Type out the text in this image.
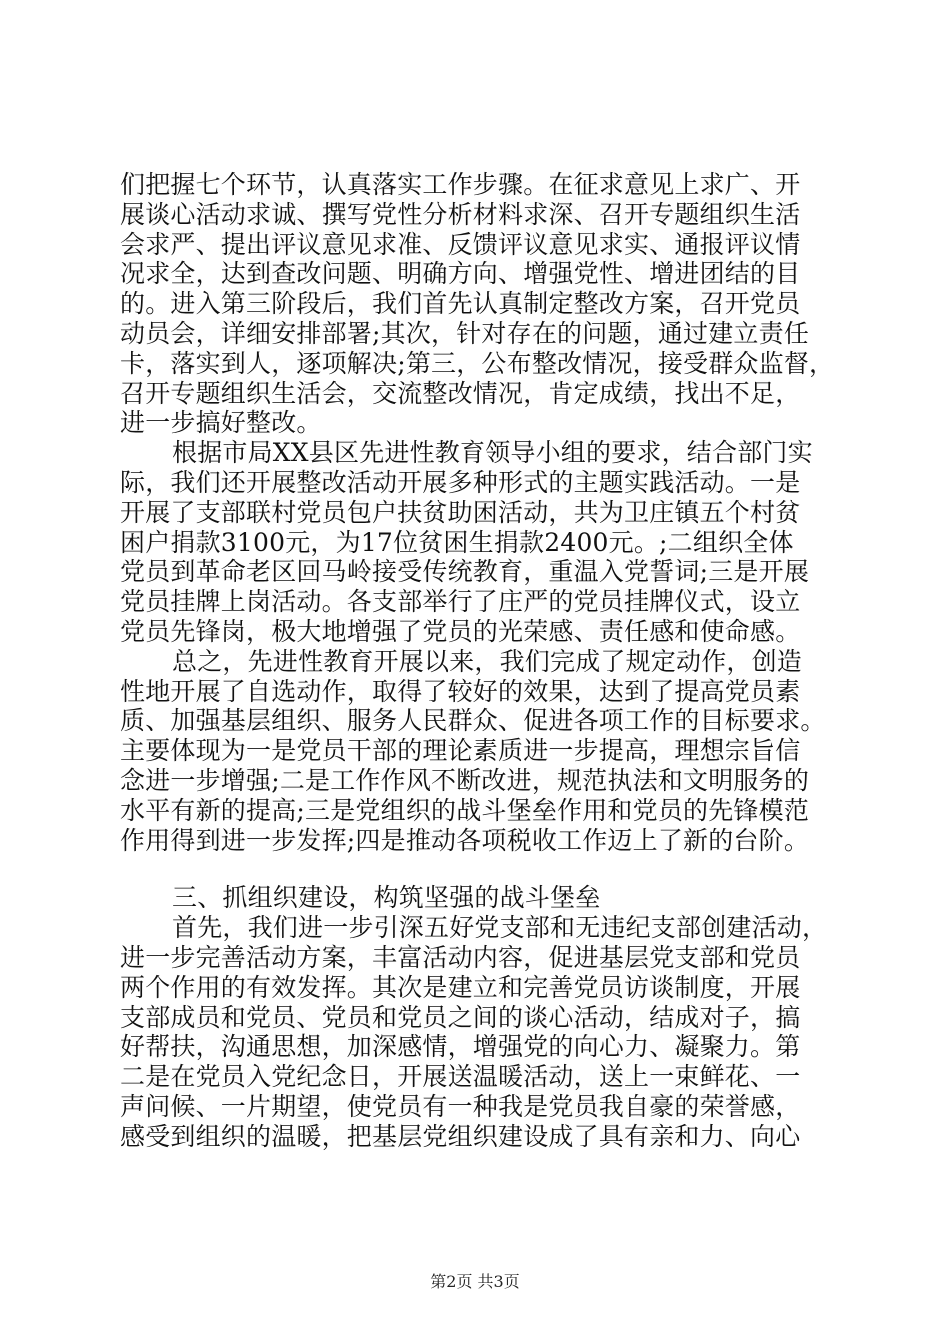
们把握七个环节，认真落实工作步骤。在征求意见上求广、开
展谈心活动求诚、撰写党性分析材料求深、召开专题组织生活
会求严、提出评议意见求准、反馈评议意见求实、通报评议情
况求全，达到查改问题、明确方向、增强党性、增进团结的目
的。进入第三阶段后，我们首先认真制定整改方案，召开党员
动员会，详细安排部署;其次，针对存在的问题，通过建立责任
卡，落实到人，逐项解决;第三，公布整改情况，接受群众监督，
召开专题组织生活会，交流整改情况，肯定成绩，找出不足，
进一步搞好整改。
根据市局XX县区先进性教育领导小组的要求，结合部门实
际，我们还开展整改活动开展多种形式的主题实践活动。一是
开展了支部联村党员包户扶贫助困活动，共为卫庄镇五个村贫
困户捐款3100元，为17位贫困生捐款2400元。;二组织全体
党员到革命老区回马岭接受传统教育，重温入党誓词;三是开展
党员挂牌上岗活动。各支部举行了庄严的党员挂牌仪式，设立
党员先锋岗，极大地增强了党员的光荣感、责任感和使命感。
总之，先进性教育开展以来，我们完成了规定动作，创造
性地开展了自选动作，取得了较好的效果，达到了提高党员素
质、加强基层组织、服务人民群众、促进各项工作的目标要求。
主要体现为一是党员干部的理论素质进一步提高，理想宗旨信
念进一步增强;二是工作作风不断改进，规范执法和文明服务的
水平有新的提高;三是党组织的战斗堡垒作用和党员的先锋模范
作用得到进一步发挥;四是推动各项税收工作迈上了新的台阶。
三、抓组织建设，构筑坚强的战斗堡垒
首先，我们进一步引深五好党支部和无违纪支部创建活动，
进一步完善活动方案，丰富活动内容，促进基层党支部和党员
两个作用的有效发挥。其次是建立和完善党员访谈制度，开展
支部成员和党员、党员和党员之间的谈心活动，结成对子，搞
好帮扶，沟通思想，加深感情，增强党的向心力、凝聚力。第
二是在党员入党纪念日，开展送温暖活动，送上一束鲜花、一
声问候、一片期望，使党员有一种我是党员我自豪的荣誉感，
感受到组织的温暖，把基层党组织建设成了具有亲和力、向心
第2页 共3页
